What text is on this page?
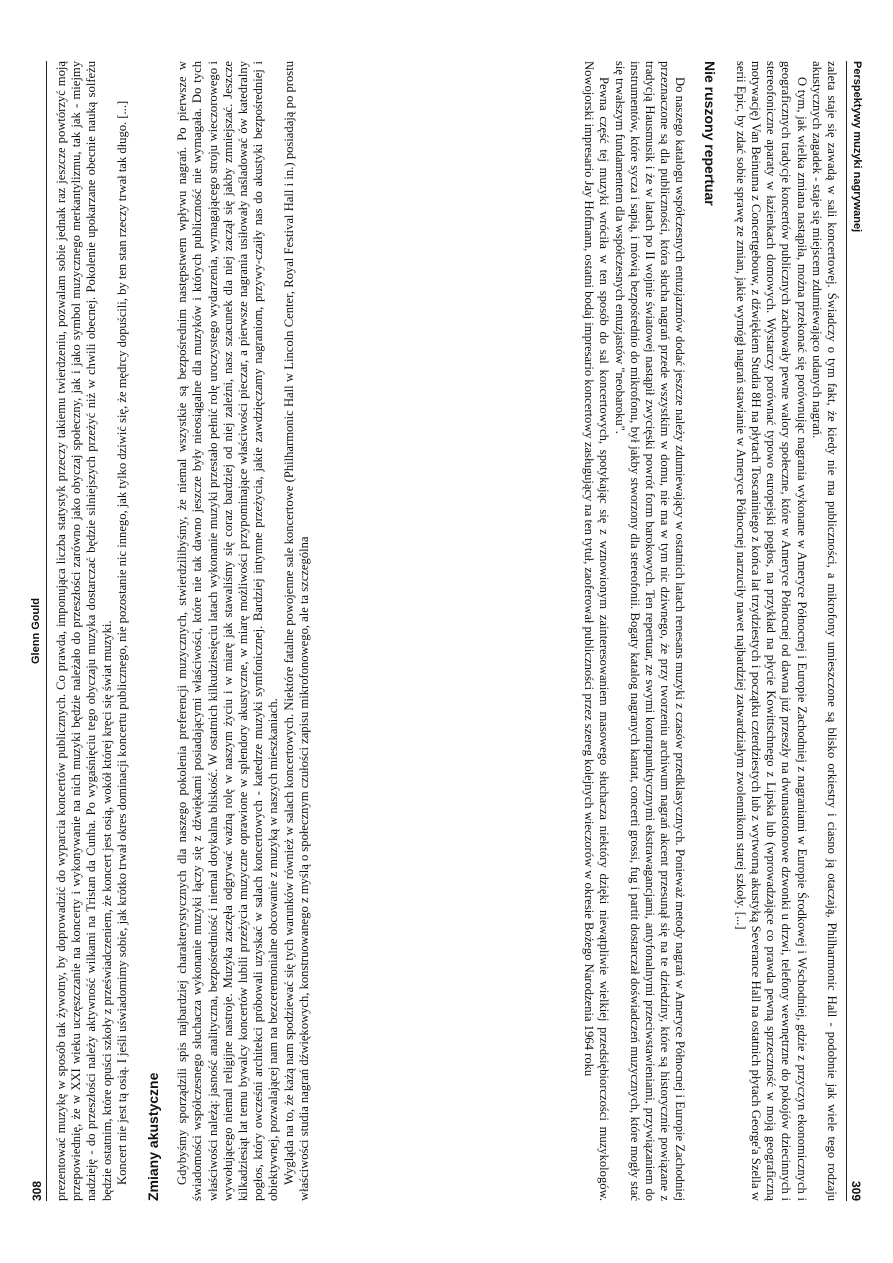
Perspektywy muzyki nagrywanej
309

zaleta staje się zawadą w sali koncertowej. Świadczy o tym fakt, że kiedy nie ma publiczności, a mikrofony umieszczone są blisko orkiestry i ciasno ją otaczają, Philharmonic Hall - podobnie jak wiele tego rodzaju akustycznych zagadek - staje się miejscem zdumiewająco udanych nagrań.

O tym, jak wielka zmiana nastąpiła, można przekonać się porównując nagrania wykonane w Ameryce Północnej i Europie Zachodniej z nagraniami w Europie Środkowej i Wschodniej, gdzie z przyczyn ekonomicznych i geograficznych tradycje koncertów publicznych zachowały pewne walory społeczne, które w Ameryce Północnej od dawna już przeszły na dwunastotonowe dzwonki u drzwi, telefony wewnętrzne do pokojów dziecinnych i stereofoniczne aparaty w łazienkach domowych. Wystarczy porównać typowo europejski pogłos, na przykład na płycie Kowittschnego z Lipska lub (wprowadzające co prawda pewną sprzeczność w moją geograficzną motywację) Van Beinuma z Concertgebouw, z dźwiękiem Studia 8H na płytach Toscaniniego z końca lat trzydziestych i początku czterdziestych lub z wytworną akustyką Severance Hall na ostatnich płytach George'a Szella w serii Epic, by zdać sobie sprawę ze zmian, jakie wymógł nagrań stawianie w Ameryce Północnej narzuciły nawet najbardziej zatwardziałym zwolennikom starej szkoły. [...]

Nie ruszony repertuar

Do naszego katalogu współczesnych entuzjazmów dodać jeszcze należy zdumiewający w ostatnich latach renesans muzyki z czasów przedklasycznych. Ponieważ metody nagrań w Ameryce Północnej i Europie Zachodniej przeznaczone są dla publiczności, która słucha nagrań przede wszystkim w domu, nie ma w tym nic dziwnego, że przy tworzeniu archiwum nagrań akcent przesunął się na te dziedziny, które są historycznie powiązane z tradycją Hausmusik i że w latach po II wojnie światowej nastąpił zwycięski powrót form barokowych. Ten repertuar, ze swymi kontrapunktycznymi ekstrawagancjami, antyfonalnymi przeciwstawieniami, przywiązaniem do instrumentów, które sycza i sapią, i mówią bezpośrednio do mikrofonu, był jakby stworzony dla stereofonii. Bogaty katalog nagranych kantat, concerti grossi, fug i partit dostarczał doświadczeń muzycznych, które mogły stać się trwałszym fundamentem dla współczesnych entuzjastów "neobaroku".

Pewna część tej muzyki wróciła w ten sposób do sal koncertowych, spotykając się z wznowionym zainteresowaniem masowego słuchacza niektóry dzięki niewątpliwie wielkiej przedsiębiorczości muzykologów. Nowojorski impresario Jay Hofmann, ostatni bodaj impresario koncertowy zasługujący na ten tytuł, zaoferował publiczności przez szereg kolejnych wieczorów w okresie Bożego Narodzenia 1964 roku

308
Glenn Gould prezentować muzykę w sposób tak żywotny, by doprowadzić do wyparcia koncertów publicznych. Co prawda, imponująca liczba statystyk przeczy takiemu twierdzeniu, pozwalam sobie jednak raz jeszcze powtórzyć moją przepowiednię, że w XXI wieku uczęszczanie na koncerty i wykonywanie na nich muzyki będzie należało do przeszłości zarówno jako obyczaj społeczny, jak i jako symbol muzycznego merkantylizmu, tak jak - miejmy nadzieję - do przeszłości należy aktywność wilkami na Tristan da Cunha. Po wygaśnięciu tego obyczaju muzyka dostarczać będzie silniejszych przeżyć niż w chwili obecnej. Pokolenie upokarzane obecnie nauką solfeżu będzie ostatnim, które opuści szkoły z przeświadczeniem, że koncert jest osią, wokół której kręci się świat muzyki. Koncert nie jest tą osią. I jeśli uświadomimy sobie, jak krótko trwał okres dominacji koncertu publicznego, nie pozostanie nic innego, jak tylko dziwić się, że mędrcy dopuścili, by ten stan rzeczy trwał tak długo. [...] Zmiany akustyczne Gdybyśmy sporządzili spis najbardziej charakterystycznych dla naszego pokolenia preferencji muzycznych, stwierdzilibyśmy, że niemal wszystkie są bezpośrednim następstwem wpływu nagrań. Po pierwsze w świadomości współczesnego słuchacza wykonanie muzyki łączy się z dźwiękami posiadającymi właściwości, które nie tak dawno jeszcze były nieosiągalne dla muzyków i których publiczność nie wymagała. Do tych właściwości należą: jasność analityczna, bezpośredniość i niemal dotykalna bliskość. W ostatnich kilkudziesięciu latach wykonanie muzyki przestało pełnić rolę uroczystego wydarzenia, wymagającego stroju wieczorowego i wywołującego niemal religijne nastroje. Muzyka zaczęła odgrywać ważną rolę w naszym życiu i w miarę jak stawaliśmy się coraz bardziej od niej zależni, nasz szacunek dla niej zaczął się jakby zmniejszać. Jeszcze kilkadziesiąt lat temu bywalcy koncertów lubili przeżycia muzyczne oprawione w splendory akustyczne, w miarę możliwości przypominające właściwości pieczar, a pierwsze nagrania usiłowały naśladować ów katedralny pogłos, który owcześni architekci próbowali uzyskać w salach koncertowych - katedrze muzyki symfonicznej. Bardziej intymne przeżycia, jakie zawdzięczamy nagraniom, przywy-czaiły nas do akustyki bezpośredniej i obiektywnej, pozwalającej nam na bezceremonialne obcowanie z muzyką w naszych mieszkaniach. Wygląda na to, że każą nam spodziewać się tych warunków również w salach koncertowych. Niektóre fatalne powojenne sale koncertowe (Philharmonic Hall w Lincoln Center, Royal Festival Hall i in.) posiadają po prostu właściwości studia nagrań dźwiękowych, konstruowanego z myślą o społecznym czułości zapisu mikrofonowego, ale ta szczególna
